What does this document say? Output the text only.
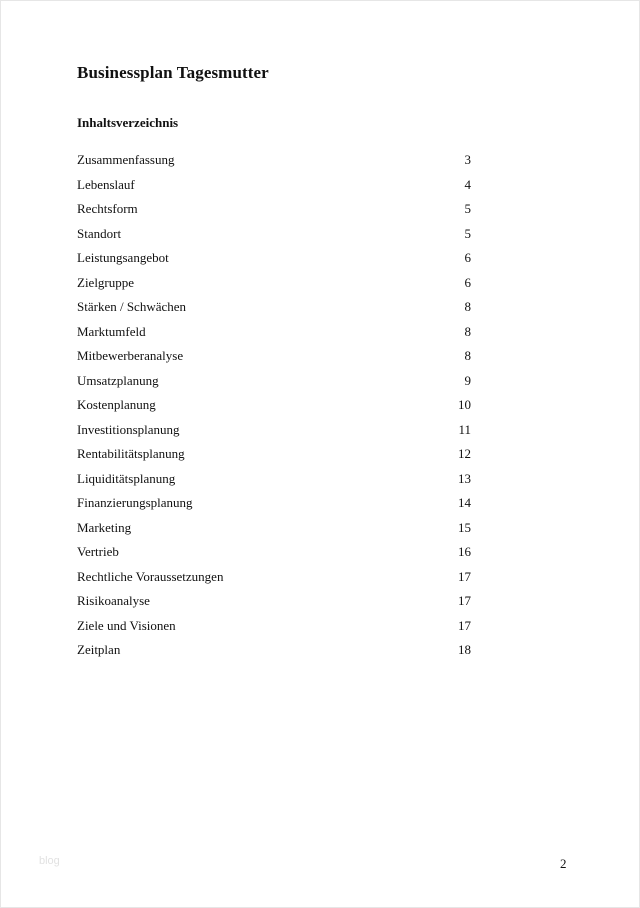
Businessplan Tagesmutter
Inhaltsverzeichnis
Zusammenfassung	3
Lebenslauf	4
Rechtsform	5
Standort	5
Leistungsangebot	6
Zielgruppe	6
Stärken / Schwächen	8
Marktumfeld	8
Mitbewerberanalyse	8
Umsatzplanung	9
Kostenplanung	10
Investitionsplanung	11
Rentabilitätsplanung	12
Liquiditätsplanung	13
Finanzierungsplanung	14
Marketing	15
Vertrieb	16
Rechtliche Voraussetzungen	17
Risikoanalyse	17
Ziele und Visionen	17
Zeitplan	18
blog	2
